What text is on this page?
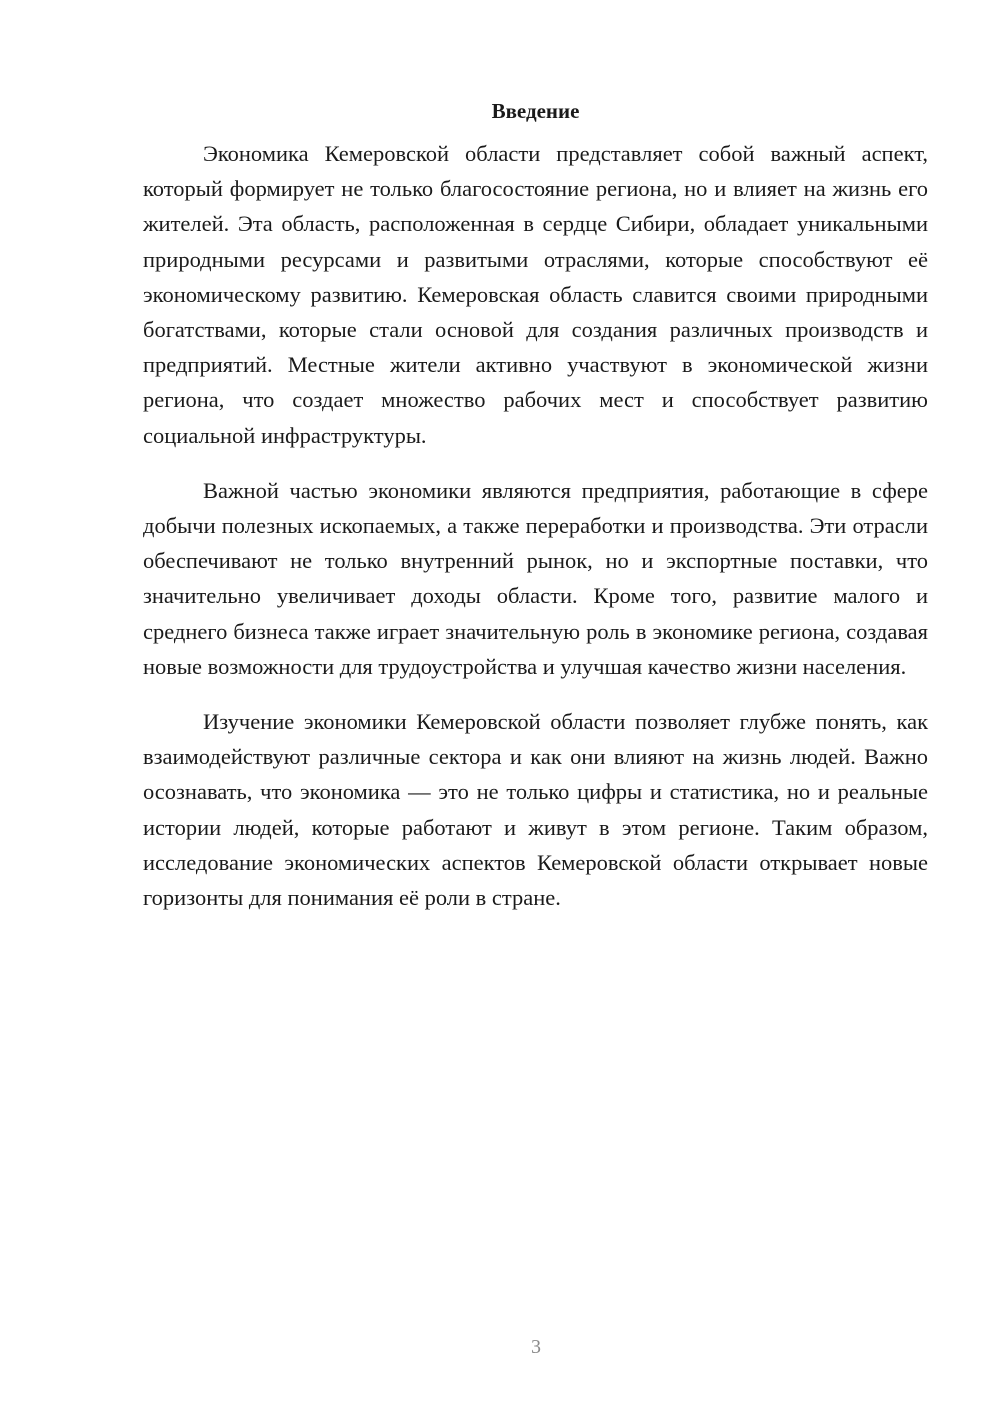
Введение

Экономика Кемеровской области представляет собой важный аспект, который формирует не только благосостояние региона, но и влияет на жизнь его жителей. Эта область, расположенная в сердце Сибири, обладает уникальными природными ресурсами и развитыми отраслями, которые способствуют её экономическому развитию. Кемеровская область славится своими природными богатствами, которые стали основой для создания различных производств и предприятий. Местные жители активно участвуют в экономической жизни региона, что создает множество рабочих мест и способствует развитию социальной инфраструктуры.

Важной частью экономики являются предприятия, работающие в сфере добычи полезных ископаемых, а также переработки и производства. Эти отрасли обеспечивают не только внутренний рынок, но и экспортные поставки, что значительно увеличивает доходы области. Кроме того, развитие малого и среднего бизнеса также играет значительную роль в экономике региона, создавая новые возможности для трудоустройства и улучшая качество жизни населения.

Изучение экономики Кемеровской области позволяет глубже понять, как взаимодействуют различные сектора и как они влияют на жизнь людей. Важно осознавать, что экономика — это не только цифры и статистика, но и реальные истории людей, которые работают и живут в этом регионе. Таким образом, исследование экономических аспектов Кемеровской области открывает новые горизонты для понимания её роли в стране.

3
